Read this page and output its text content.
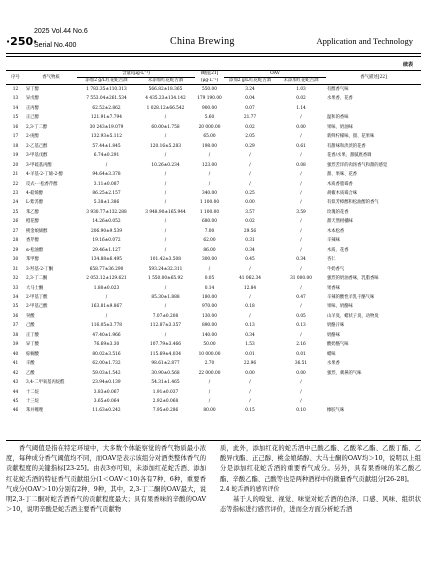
·250·
2025 Vol.44 No.6
Serial No.400	China Brewing	Application and Technology
续表
序号	香气物质	含量/(μg·L⁻¹)		阈值[21]	OAV		香气描述[22]
		添加2 g/L红花蛇舌酒	未添加红花蛇舌酒	(μg·L⁻¹)	添加2 g/L红花蛇舌酒	未添加红花蛇舌酒	
12	异丁醇	1 783.35±110.313	566.82±18.365	550.00	3.24	1.03	有醇香气味
13	异戊醇	7 553.04±261.534	4 435.23±134.142	179 190.00	0.04	0.02	水果香、花香
14	正丙醇	62.52±2.862	1 028.12±66.542	900.00	0.07	1.14	
15	正己醇	121.91±7.794	/	5.60	21.77	/	温和的香味
16	2,3-丁二醇	30 243±19.079	60.00±1.758	20 000.00	0.02	0.00	果味、奶油味
17	2-庚醇	132.93±5.112	/	65.00	2.05	/	新鲜柠檬味，甜、花果味
18	2-乙基己醇	57.44±1.845	120.16±5.283	198.00	0.29	0.61	有甜味和淡淡的花香
19	3-甲基戊醇	6.74±0.291	/	/	/	/	花香/水果、甜腻底香调
20	3-甲硫基丙醇	/	10.26±0.234	123.00	/	0.08	强烈苦洋的肉汤香气和甜的感觉
21	4-羊基-2-丁烯-2-醇	94.64±3.378	/	/	/	/	甜、果味、花香
22	反式-一松香芹醇	3.11±0.087	/	/	/	/	木质香脂霉香
23	4-萜烯醇	86.25±2.157	/	340.00	0.25	/	胡椒木质霉合味
24	L-紫苏醇	5.38±1.386	/	1 100.00	0.00	/	有似芳樟醇和松油醇的香气
25	苯乙醇	3 930.77±132.288	3 948.90±165.944	1 100.00	3.57	3.59	玫瑰的花香
26	橙花醇	14.26±0.052	/	680.00	0.02	/	甜天然柑橘味
27	桃金娘烯醇	206.90±9.539	/	7.00	29.56	/	木本松香
28	香芹醇	19.16±0.072	/	62.00	0.31	/	辛辣味
29	α-松油醇	29.46±1.127	/	86.00	0.34	/	木质、花香
30	苯甲醇	134.88±6.495	101.42±3.508	300.00	0.45	0.34	杏仁
31	3-羟基-2-丁酮	658.77±36.290	593.24±32.311	/	/	/	牛奶香气
32	2,3-丁二酮	2 053.12±129.621	1 550.00±65.92	0.05	41 062.34	31 000.00	强烈的奶油香味，乳脂香味
33	大马士酮	1.80±0.023	/	0.14	12.84	/	果香味
34	2-甲基丁酸	/	85.30±1.888	180.00	/	0.47	辛辣的酸性羊乳干酪气味
35	2-甲基己酸	163.81±9.867	/	970.00	0.18	/	果味，奶酪味
36	癸酸	/	7.07±0.208	130.00	/	0.05	山羊臭、蜡状子臭、动物臭
37	己酸	116.05±3.778	112.87±3.357	890.00	0.13	0.13	奶酪汗味
38	正丁酸	47.40±1.966	/	140.00	0.34	/	奶酪味
39	异丁酸	76.69±3.30	107.79±3.466	50.00	1.53	2.16	酸奶酪气味
40	棕榈酸	80.02±3.516	115.69±4.034	10 000.00	0.01	0.01	蜡味
41	辛酸	62.00±1.732	98.61±2.877	2.70	22.96	36.51	水果香
42	乙酸	59.03±1.542	30.90±0.568	22 000.00	0.00	0.00	强烈、刺鼻的气味
43	3,4-二甲氧基丙烷醛	23.94±0.139	54.31±1.465	/	/	/	
44	十二烷	3.83±0.067	1.91±0.037	/	/	/	
45	十三烷	3.65±0.064	2.92±0.068	/	/	/	
46	苯并噻唑	11.63±0.242	7.95±0.286	80.00	0.15	0.10	橡胶气味

香气阈值是指在特定环境中，大多数个体能察觉的香气物质最小浓度，每种成分香气阈值均不同，而OAV是表示该组分对酒类整体香气的贡献程度的关键指标[23-25]。由表3亦可知，未添加红花蛇舌酒、添加红花蛇舌酒的特征香气贡献组分(1＜OAV＜10)各有7种、6种，重要香气成分(OAV＞10)分别有2种、9种，其中，2,3-丁二酮的OAV最大，说明2,3-丁二酮对蛇舌酒香气的贡献程度最大；具有果香味的辛酸的OAV＞10，说明辛酸是蛇舌酒主要香气贡献物

质，此外，添加红花的蛇舌酒中己酸乙酯、乙酸苯乙酯、乙酸丁酯、乙酸异戊酯、正己醇、桃金娘烯醇、大马士酮的OAV均＞10，说明以上组分是添加红花蛇舌酒的重要香气成分。另外，具有果香味的苯乙酸乙酯、辛酸乙酯、己酸等也是两种酒样中的微量香气贡献组分[26-28]。

2.4 蛇舌酒的感官评价

基于人的嗅觉、视觉、味觉对蛇舌酒的色泽、口感、风味、组织状态等指标进行感官评价，进而全方面分析蛇舌酒
